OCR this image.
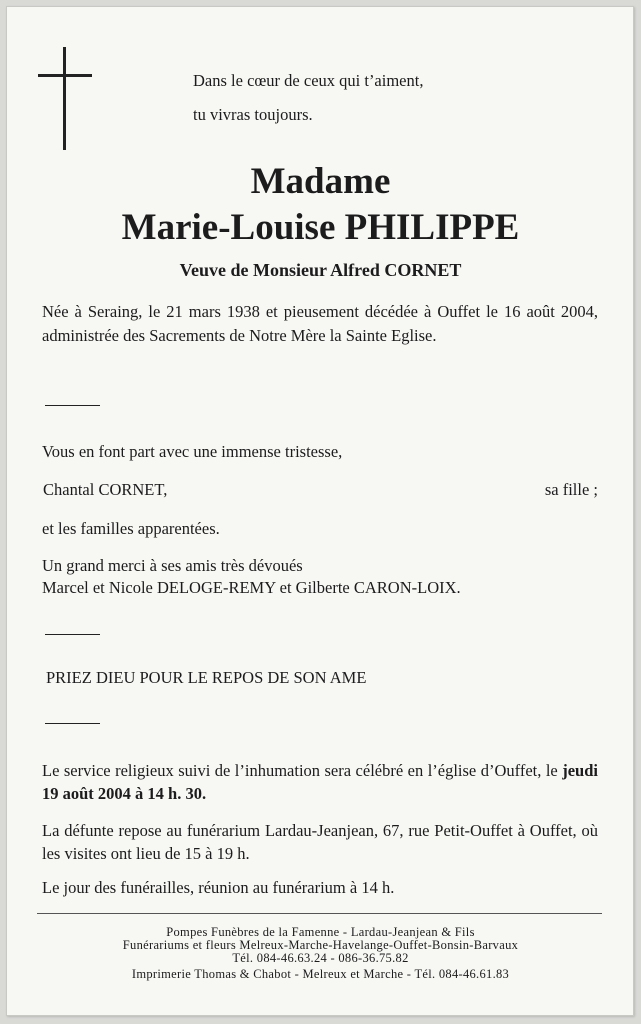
Dans le cœur de ceux qui t’aiment,
tu vivras toujours.
Madame
Marie-Louise PHILIPPE
Veuve de Monsieur Alfred CORNET
Née à Seraing, le 21 mars 1938 et pieusement décédée à Ouffet le 16 août 2004, administrée des Sacrements de Notre Mère la Sainte Eglise.
Vous en font part avec une immense tristesse,
Chantal CORNET,	sa fille ;
et les familles apparentées.
Un grand merci à ses amis très dévoués
Marcel et Nicole DELOGE-REMY et Gilberte CARON-LOIX.
PRIEZ DIEU POUR LE REPOS DE SON AME
Le service religieux suivi de l’inhumation sera célébré en l’église d’Ouffet, le jeudi 19 août 2004 à 14 h. 30.
La défunte repose au funérarium Lardau-Jeanjean, 67, rue Petit-Ouffet à Ouffet, où les visites ont lieu de 15 à 19 h.
Le jour des funérailles, réunion au funérarium à 14 h.
Pompes Funèbres de la Famenne - Lardau-Jeanjean & Fils
Funérariums et fleurs Melreux-Marche-Havelange-Ouffet-Bonsin-Barvaux
Tél. 084-46.63.24 - 086-36.75.82
Imprimerie Thomas & Chabot - Melreux et Marche - Tél. 084-46.61.83
